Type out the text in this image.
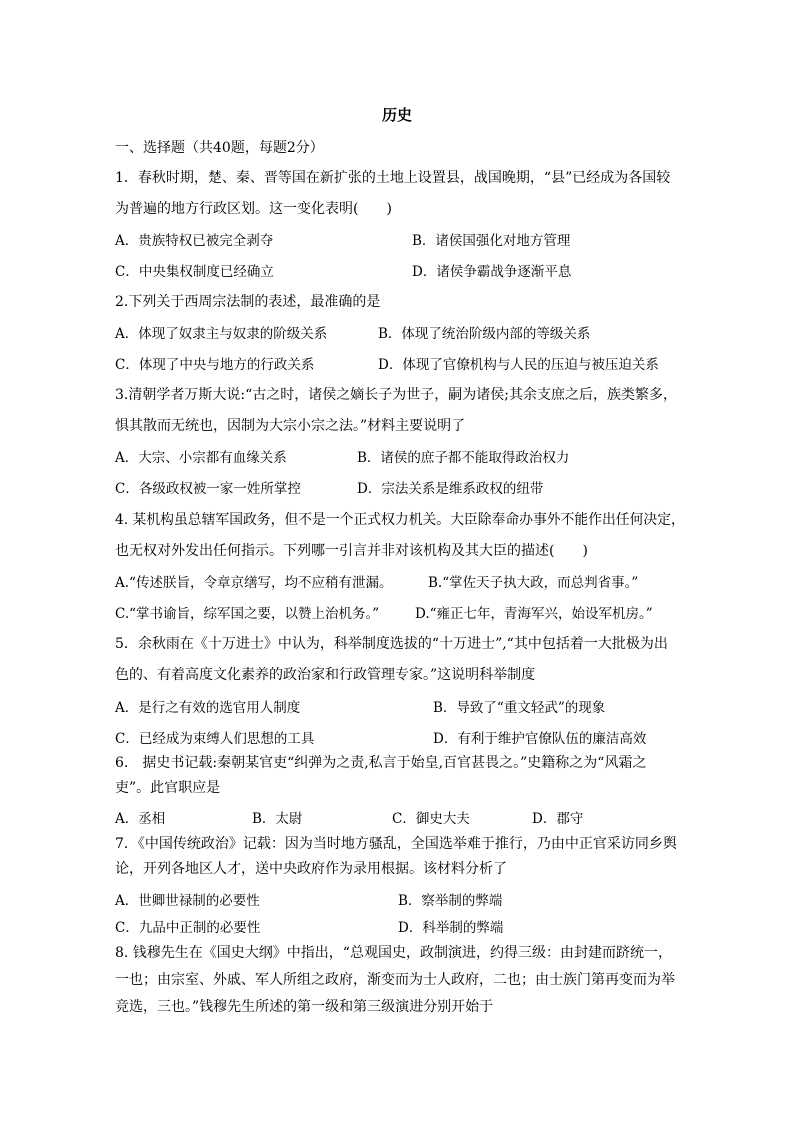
历史
一、选择题（共40题，每题2分）
1．春秋时期，楚、秦、晋等国在新扩张的土地上设置县，战国晚期，“县”已经成为各国较
为普遍的地方行政区划。这一变化表明(　　)
A．贵族特权已被完全剥夺	B．诸侯国强化对地方管理
C．中央集权制度已经确立	D．诸侯争霸战争逐渐平息
2.下列关于西周宗法制的表述，最准确的是
A．体现了奴隶主与奴隶的阶级关系	B．体现了统治阶级内部的等级关系
C．体现了中央与地方的行政关系	D．体现了官僚机构与人民的压迫与被压迫关系
3.清朝学者万斯大说:“古之时，诸侯之嫡长子为世子，嗣为诸侯;其余支庶之后，族类繁多，
惧其散而无统也，因制为大宗小宗之法。”材料主要说明了
A．大宗、小宗都有血缘关系	B．诸侯的庶子都不能取得政治权力
C．各级政权被一家一姓所掌控	D．宗法关系是维系政权的纽带
4. 某机构虽总辖军国政务，但不是一个正式权力机关。大臣除奉命办事外不能作出任何决定，
也无权对外发出任何指示。下列哪一引言并非对该机构及其大臣的描述(　　)
A.“传述朕旨，令章京缮写，均不应稍有泄漏。	B.“掌佐天子执大政，而总判省事。”
C.“掌书谕旨，综军国之要，以赞上治机务。”	D.“雍正七年，青海军兴，始设军机房。”
5．余秋雨在《十万进士》中认为，科举制度选拔的“十万进士”,“其中包括着一大批极为出
色的、有着高度文化素养的政治家和行政管理专家。”这说明科举制度
A．是行之有效的选官用人制度	B．导致了“重文轻武”的现象
C．已经成为束缚人们思想的工具	D．有利于维护官僚队伍的廉洁高效
6.　据史书记载:秦朝某官吏“纠弹为之责,私言于始皇,百官甚畏之。”史籍称之为“风霜之
吏”。此官职应是
A．丞相	B．太尉	C．御史大夫	D．郡守
7．《中国传统政治》记载：因为当时地方骚乱，全国选举难于推行，乃由中正官采访同乡舆
论，开列各地区人才，送中央政府作为录用根据。该材料分析了
A．世卿世禄制的必要性	B．察举制的弊端
C．九品中正制的必要性	D．科举制的弊端
8. 钱穆先生在《国史大纲》中指出，“总观国史，政制演进，约得三级：由封建而跻统一，
一也；由宗室、外戚、军人所组之政府，渐变而为士人政府，二也；由士族门第再变而为举
竞选，三也。”钱穆先生所述的第一级和第三级演进分别开始于
